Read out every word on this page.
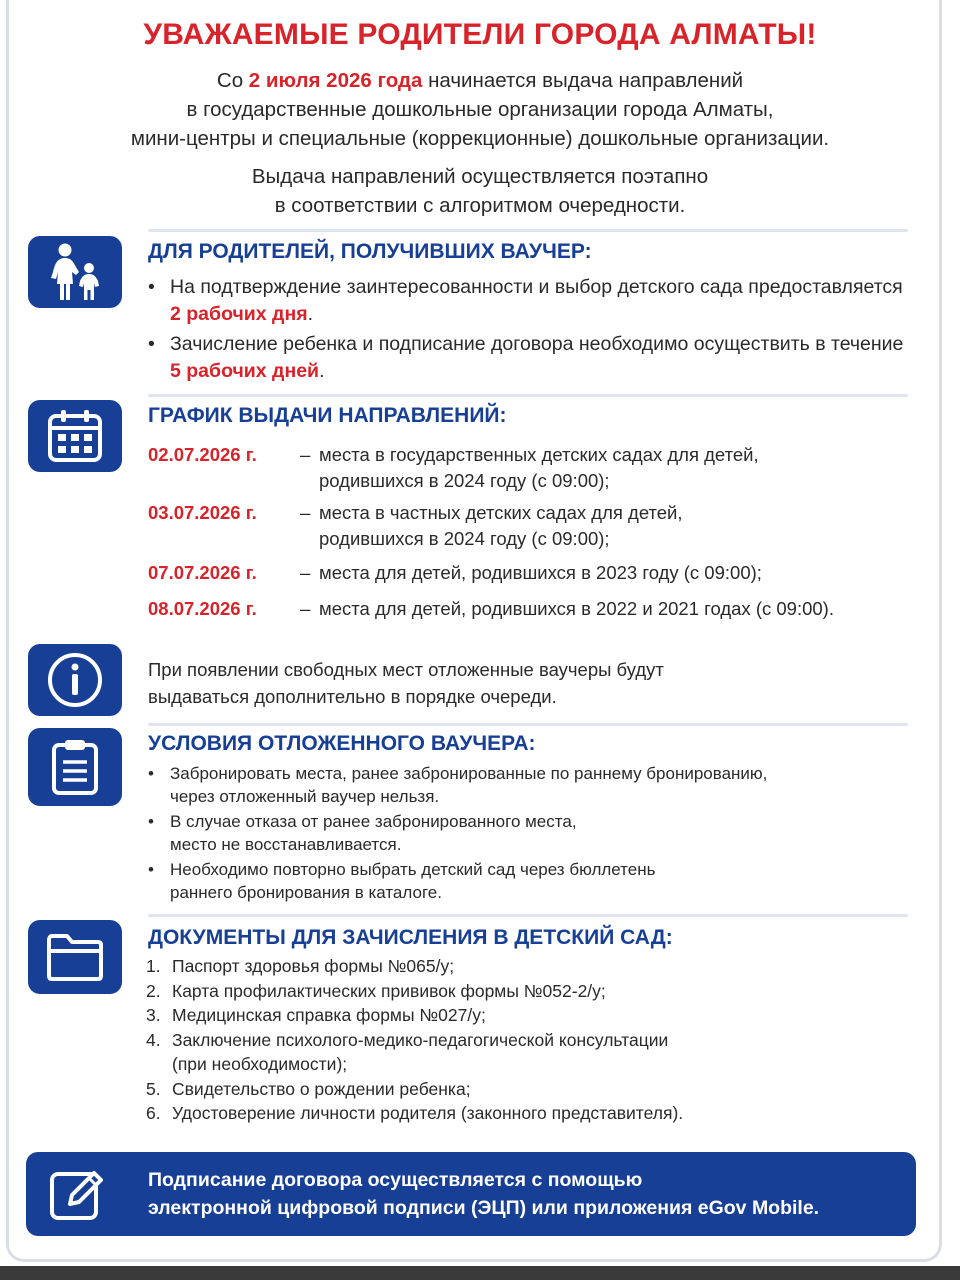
УВАЖАЕМЫЕ РОДИТЕЛИ ГОРОДА АЛМАТЫ!
Со 2 июля 2026 года начинается выдача направлений
в государственные дошкольные организации города Алматы,
мини-центры и специальные (коррекционные) дошкольные организации.
Выдача направлений осуществляется поэтапно
в соответствии с алгоритмом очередности.
ДЛЯ РОДИТЕЛЕЙ, ПОЛУЧИВШИХ ВАУЧЕР:
• На подтверждение заинтересованности и выбор детского сада предоставляется 2 рабочих дня.
• Зачисление ребенка и подписание договора необходимо осуществить в течение 5 рабочих дней.
ГРАФИК ВЫДАЧИ НАПРАВЛЕНИЙ:
02.07.2026 г. – места в государственных детских садах для детей,
родившихся в 2024 году (с 09:00);
03.07.2026 г. – места в частных детских садах для детей,
родившихся в 2024 году (с 09:00);
07.07.2026 г. – места для детей, родившихся в 2023 году (с 09:00);
08.07.2026 г. – места для детей, родившихся в 2022 и 2021 годах (с 09:00).
При появлении свободных мест отложенные ваучеры будут
выдаваться дополнительно в порядке очереди.
УСЛОВИЯ ОТЛОЖЕННОГО ВАУЧЕРА:
• Забронировать места, ранее забронированные по раннему бронированию,
через отложенный ваучер нельзя.
• В случае отказа от ранее забронированного места,
место не восстанавливается.
• Необходимо повторно выбрать детский сад через бюллетень
раннего бронирования в каталоге.
ДОКУМЕНТЫ ДЛЯ ЗАЧИСЛЕНИЯ В ДЕТСКИЙ САД:
1. Паспорт здоровья формы №065/у;
2. Карта профилактических прививок формы №052-2/у;
3. Медицинская справка формы №027/у;
4. Заключение психолого-медико-педагогической консультации
(при необходимости);
5. Свидетельство о рождении ребенка;
6. Удостоверение личности родителя (законного представителя).
Подписание договора осуществляется с помощью
электронной цифровой подписи (ЭЦП) или приложения eGov Mobile.
